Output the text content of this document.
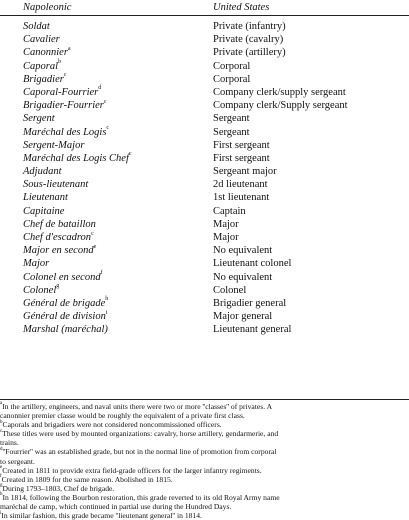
Napoleonic	United States
Soldat	Private (infantry)
Cavalier	Private (cavalry)
Canonnier$^a$	Private (artillery)
Caporal$^b$	Corporal
Brigadier$^c$	Corporal
Caporal-Fourrier$^d$	Company clerk/supply sergeant
Brigadier-Fourrier$^c$	Company clerk/Supply sergeant
Sergent	Sergeant
Maréchal des Logis$^c$	Sergeant
Sergent-Major	First sergeant
Maréchal des Logis Chef$^c$	First sergeant
Adjudant	Sergeant major
Sous-lieutenant	2d lieutenant
Lieutenant	1st lieutenant
Capitaine	Captain
Chef de bataillon	Major
Chef d'escadron$^c$	Major
Major en second$^e$	No equivalent
Major	Lieutenant colonel
Colonel en second$^f$	No equivalent
Colonel$^g$	Colonel
Général de brigade$^h$	Brigadier general
Général de division$^i$	Major general
Marshal (maréchal)	Lieutenant general
$^a$In the artillery, engineers, and naval units there were two or more ''classes'' of privates. A
canonnier premier classe would be roughly the equivalent of a private first class.
$^b$Caporals and brigadiers were not considered noncommissioned officers.
$^c$These titles were used by mounted organizations: cavalry, horse artillery, gendarmerie, and
trains.
$^d$''Fourrier'' was an established grade, but not in the normal line of promotion from corporal
to sergeant.
$^e$Created in 1811 to provide extra field-grade officers for the larger infantry regiments.
$^f$Created in 1809 for the same reason. Abolished in 1815.
$^g$During 1793–1803, Chef de brigade.
$^h$In 1814, following the Bourbon restoration, this grade reverted to its old Royal Army name
maréchal de camp, which continued in partial use during the Hundred Days.
$^i$In similar fashion, this grade became ''lieutenant general'' in 1814.
